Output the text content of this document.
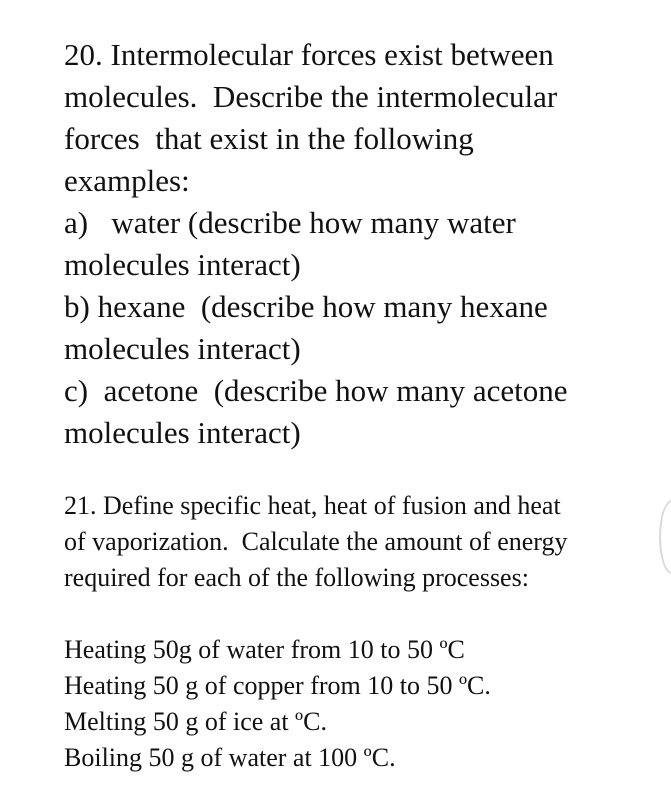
20. Intermolecular forces exist between
molecules.  Describe the intermolecular
forces  that exist in the following
examples:
a)   water (describe how many water
molecules interact)
b) hexane  (describe how many hexane
molecules interact)
c)  acetone  (describe how many acetone
molecules interact)
21. Define specific heat, heat of fusion and heat
of vaporization.  Calculate the amount of energy
required for each of the following processes:
Heating 50g of water from 10 to 50 ºC
Heating 50 g of copper from 10 to 50 ºC.
Melting 50 g of ice at ºC.
Boiling 50 g of water at 100 ºC.
